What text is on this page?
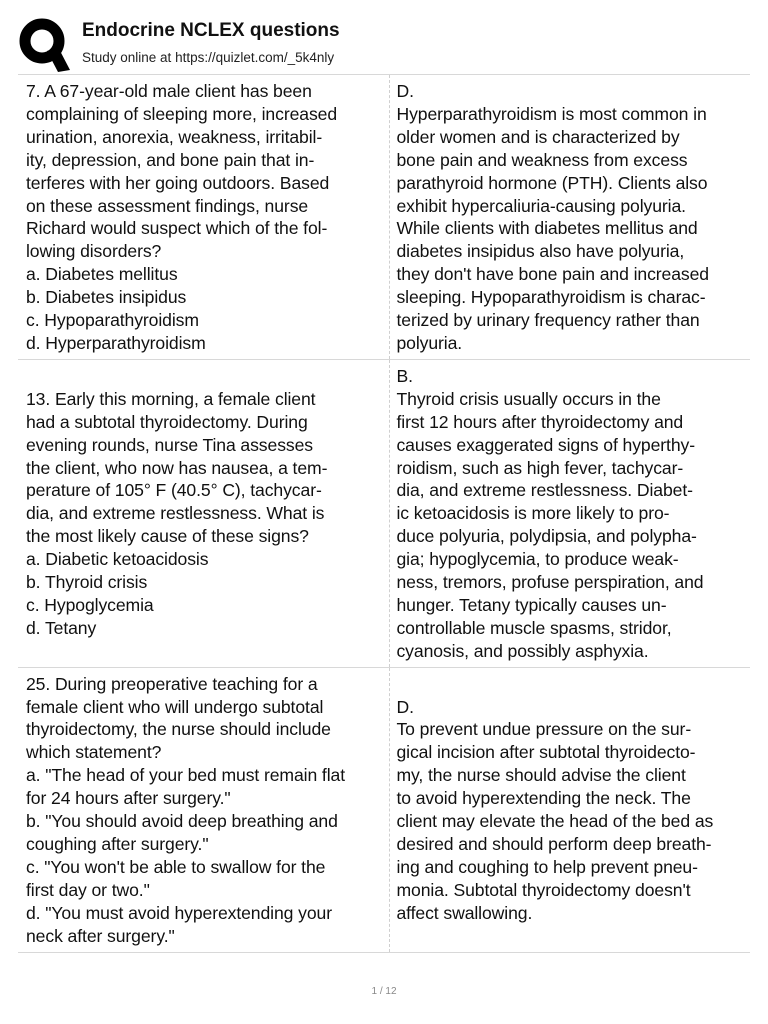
Endocrine NCLEX questions
Study online at https://quizlet.com/_5k4nly
7. A 67-year-old male client has been
complaining of sleeping more, increased
urination, anorexia, weakness, irritabil-
ity, depression, and bone pain that in-
terferes with her going outdoors. Based
on these assessment findings, nurse
Richard would suspect which of the fol-
lowing disorders?
a. Diabetes mellitus
b. Diabetes insipidus
c. Hypoparathyroidism
d. Hyperparathyroidism
D.
Hyperparathyroidism is most common in
older women and is characterized by
bone pain and weakness from excess
parathyroid hormone (PTH). Clients also
exhibit hypercaliuria-causing polyuria.
While clients with diabetes mellitus and
diabetes insipidus also have polyuria,
they don't have bone pain and increased
sleeping. Hypoparathyroidism is charac-
terized by urinary frequency rather than
polyuria.

13. Early this morning, a female client
had a subtotal thyroidectomy. During
evening rounds, nurse Tina assesses
the client, who now has nausea, a tem-
perature of 105° F (40.5° C), tachycar-
dia, and extreme restlessness. What is
the most likely cause of these signs?
a. Diabetic ketoacidosis
b. Thyroid crisis
c. Hypoglycemia
d. Tetany
B.
Thyroid crisis usually occurs in the
first 12 hours after thyroidectomy and
causes exaggerated signs of hyperthy-
roidism, such as high fever, tachycar-
dia, and extreme restlessness. Diabet-
ic ketoacidosis is more likely to pro-
duce polyuria, polydipsia, and polypha-
gia; hypoglycemia, to produce weak-
ness, tremors, profuse perspiration, and
hunger. Tetany typically causes un-
controllable muscle spasms, stridor,
cyanosis, and possibly asphyxia.
25. During preoperative teaching for a
female client who will undergo subtotal
thyroidectomy, the nurse should include
which statement?
a. "The head of your bed must remain flat
for 24 hours after surgery."
b. "You should avoid deep breathing and
coughing after surgery."
c. "You won't be able to swallow for the
first day or two."
d. "You must avoid hyperextending your
neck after surgery."

D.
To prevent undue pressure on the sur-
gical incision after subtotal thyroidecto-
my, the nurse should advise the client
to avoid hyperextending the neck. The
client may elevate the head of the bed as
desired and should perform deep breath-
ing and coughing to help prevent pneu-
monia. Subtotal thyroidectomy doesn't
affect swallowing.
1 / 12
